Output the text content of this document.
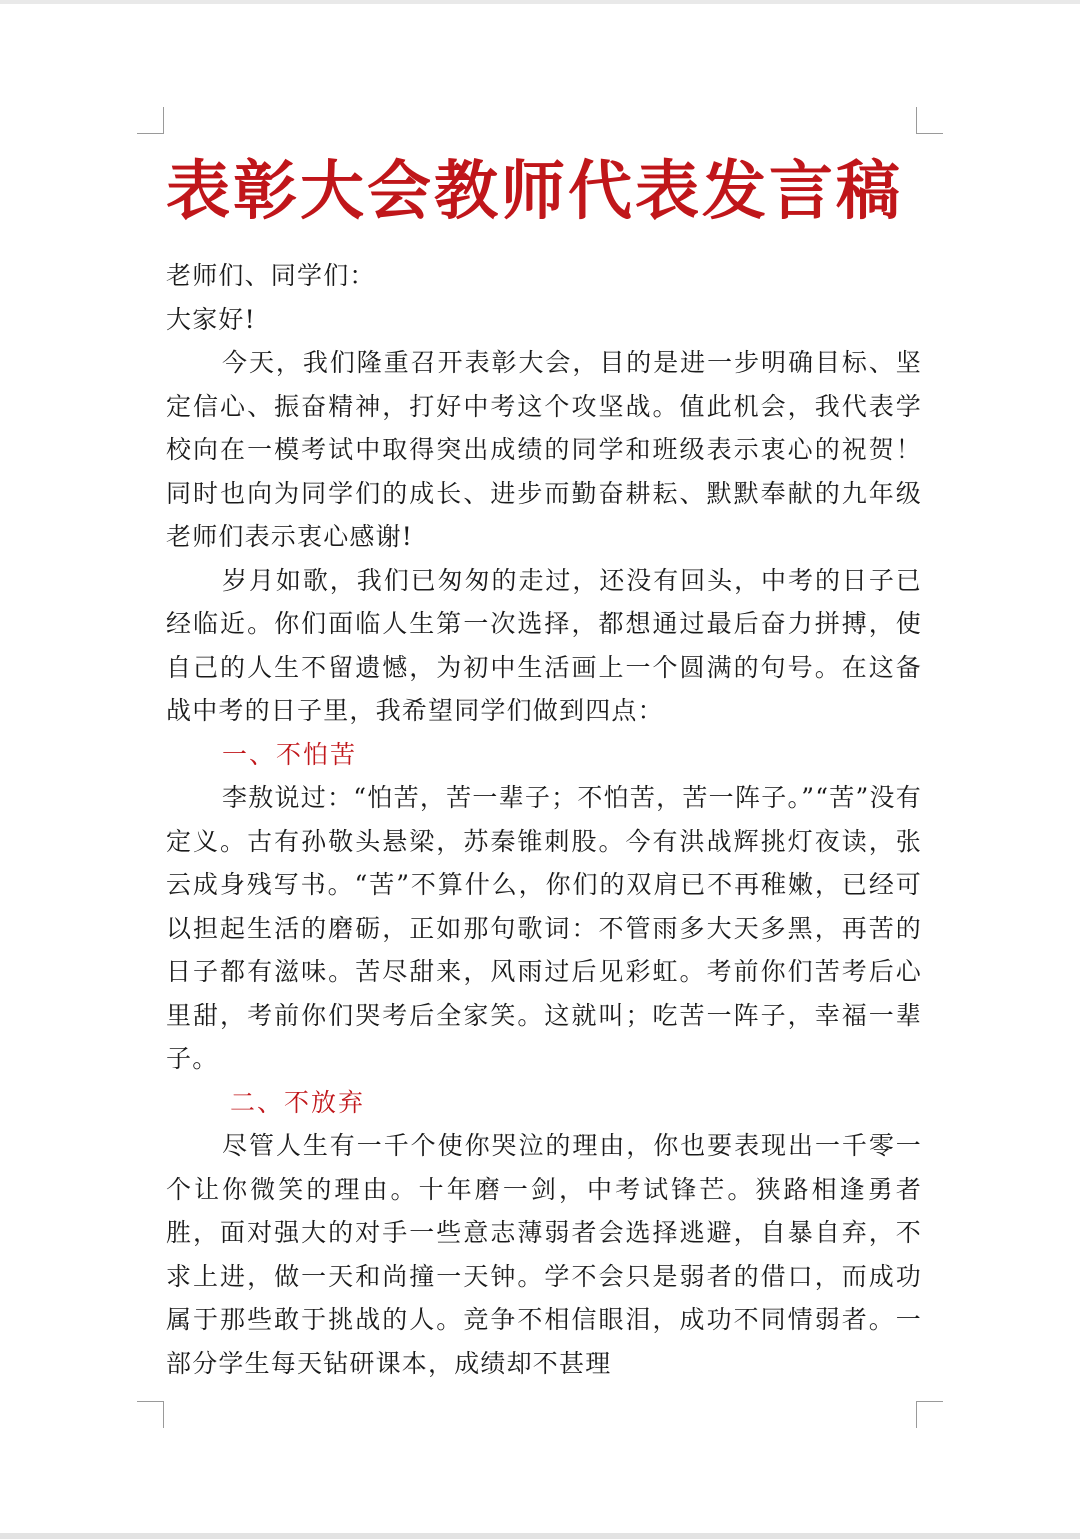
表彰大会教师代表发言稿

老师们、同学们：

大家好!

今天，我们隆重召开表彰大会，目的是进一步明确目标、坚定信心、振奋精神，打好中考这个攻坚战。值此机会，我代表学校向在一模考试中取得突出成绩的同学和班级表示衷心的祝贺！同时也向为同学们的成长、进步而勤奋耕耘、默默奉献的九年级老师们表示衷心感谢!

岁月如歌，我们已匆匆的走过，还没有回头，中考的日子已经临近。你们面临人生第一次选择，都想通过最后奋力拼搏，使自己的人生不留遗憾，为初中生活画上一个圆满的句号。在这备战中考的日子里，我希望同学们做到四点：

一、不怕苦

李敖说过：“怕苦，苦一辈子；不怕苦，苦一阵子。”“苦”没有定义。古有孙敬头悬梁，苏秦锥刺股。今有洪战辉挑灯夜读，张云成身残写书。“苦”不算什么，你们的双肩已不再稚嫩，已经可以担起生活的磨砺，正如那句歌词：不管雨多大天多黑，再苦的日子都有滋味。苦尽甜来，风雨过后见彩虹。考前你们苦考后心里甜，考前你们哭考后全家笑。这就叫；吃苦一阵子，幸福一辈子。

二、不放弃

尽管人生有一千个使你哭泣的理由，你也要表现出一千零一个让你微笑的理由。十年磨一剑，中考试锋芒。狭路相逢勇者胜，面对强大的对手一些意志薄弱者会选择逃避，自暴自弃，不求上进，做一天和尚撞一天钟。学不会只是弱者的借口，而成功属于那些敢于挑战的人。竞争不相信眼泪，成功不同情弱者。一部分学生每天钻研课本，成绩却不甚理
